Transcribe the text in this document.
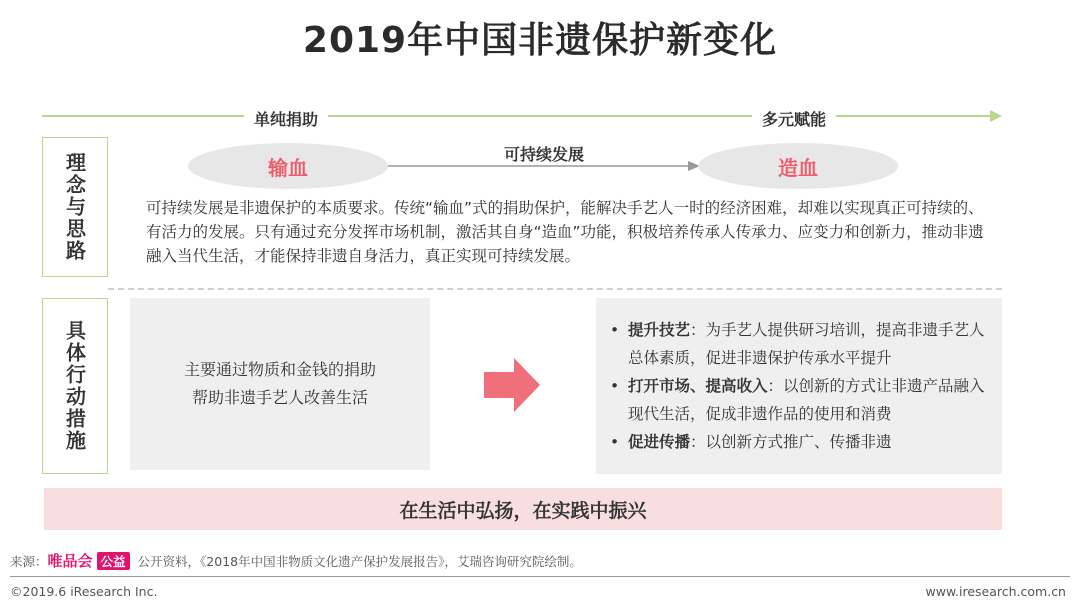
2019年中国非遗保护新变化
单纯捐助	多元赋能
理念与思路	输血
可持续发展
造血
可持续发展是非遗保护的本质要求。传统“输血”式的捐助保护，能解决手艺人一时的经济困难，却难以实现真正可持续的、有活力的发展。只有通过充分发挥市场机制，激活其自身“造血”功能，积极培养传承人传承力、应变力和创新力，推动非遗融入当代生活，才能保持非遗自身活力，真正实现可持续发展。
具体行动措施	主要通过物质和金钱的捐助
帮助非遗手艺人改善生活
• 提升技艺：为手艺人提供研习培训，提高非遗手艺人总体素质，促进非遗保护传承水平提升
• 打开市场、提高收入：以创新的方式让非遗产品融入现代生活，促成非遗作品的使用和消费
• 促进传播：以创新方式推广、传播非遗
在生活中弘扬，在实践中振兴
来源： 唯品会 公益 公开资料，《2018年中国非物质文化遗产保护发展报告》，艾瑞咨询研究院绘制。
©2019.6 iResearch Inc.	www.iresearch.com.cn
